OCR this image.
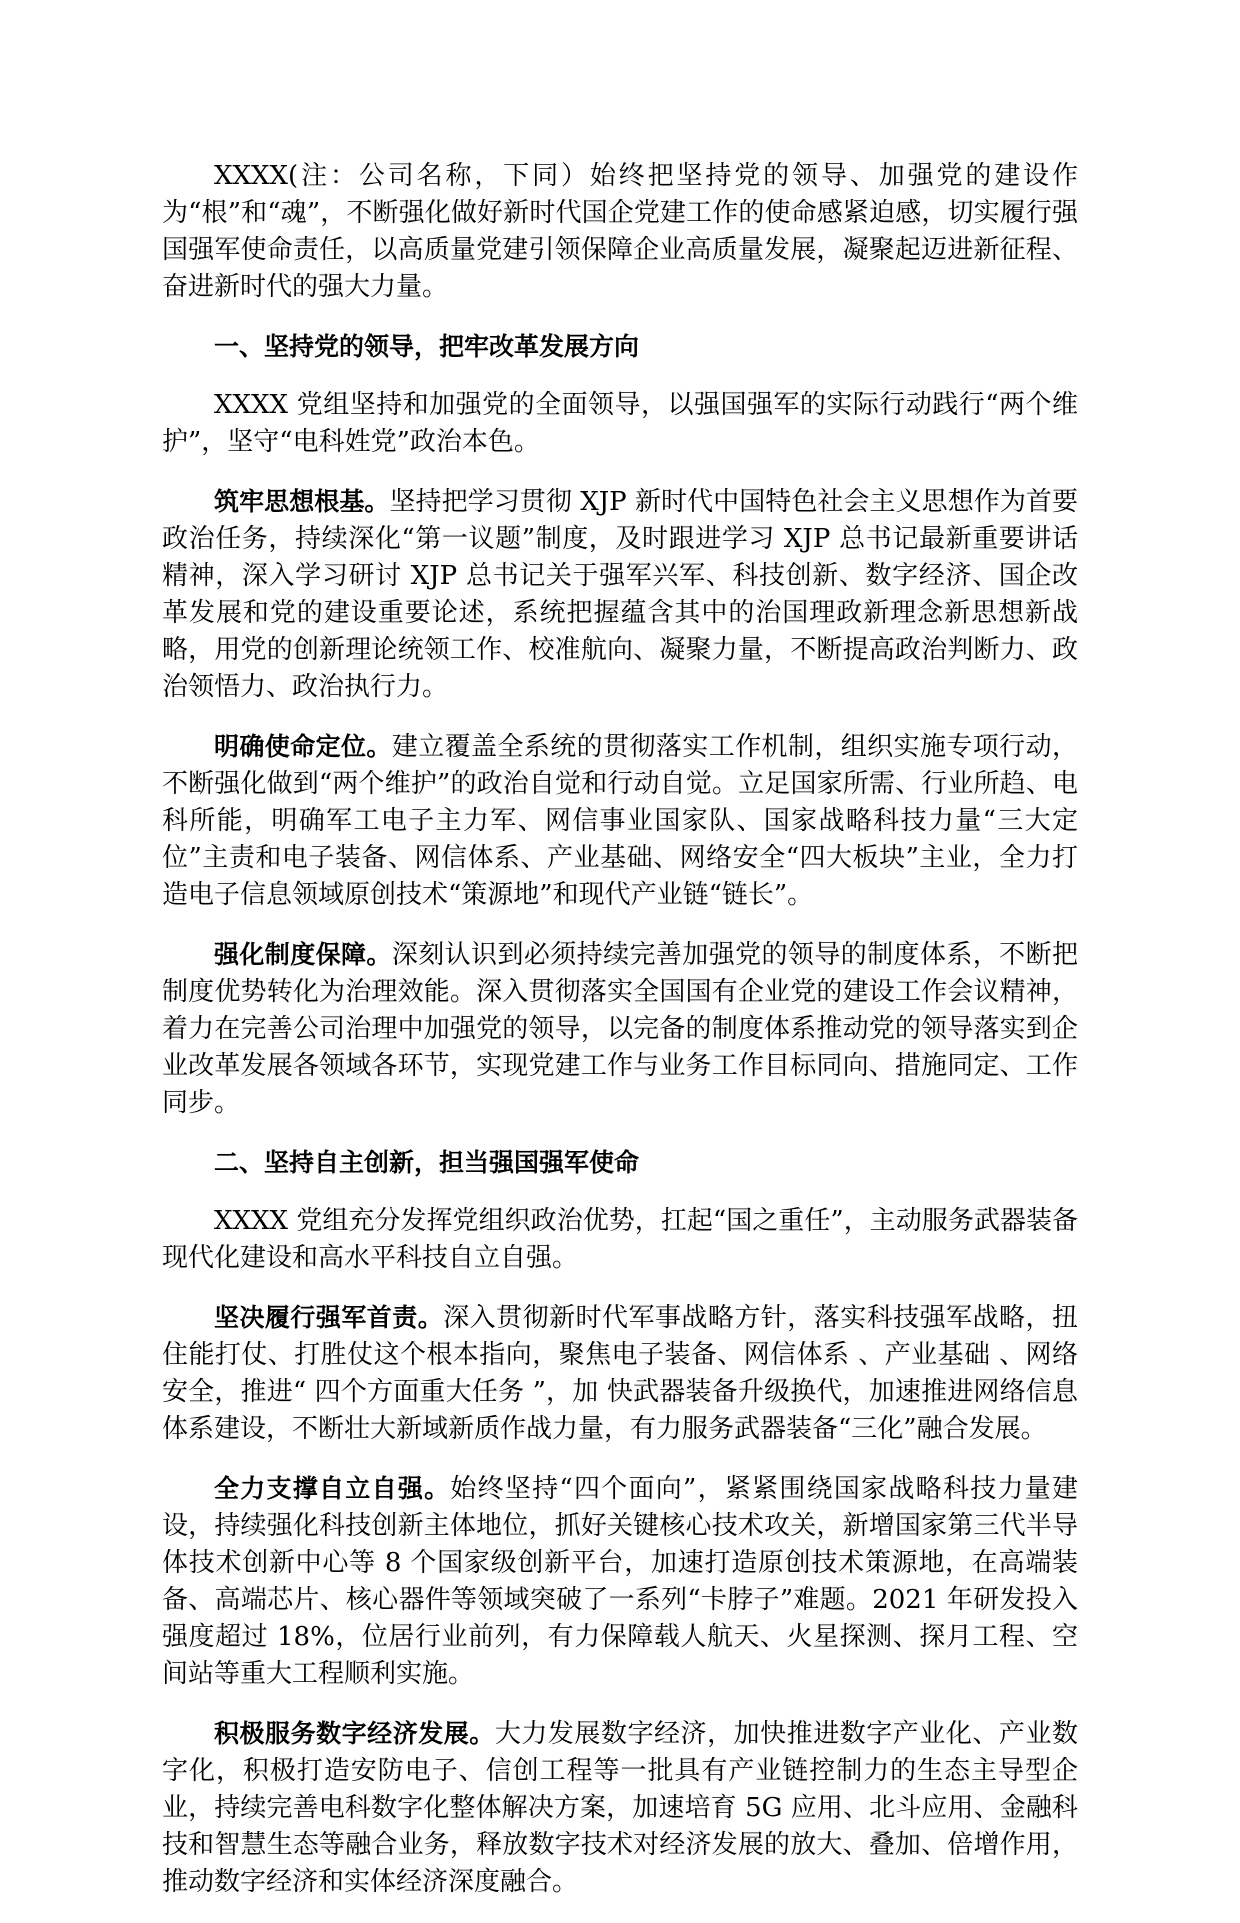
XXXX(注：公司名称，下同）始终把坚持党的领导、加强党的建设作为“根”和“魂”，不断强化做好新时代国企党建工作的使命感紧迫感，切实履行强国强军使命责任，以高质量党建引领保障企业高质量发展，凝聚起迈进新征程、奋进新时代的强大力量。

一、坚持党的领导，把牢改革发展方向

XXXX 党组坚持和加强党的全面领导，以强国强军的实际行动践行“两个维护”，坚守“电科姓党”政治本色。

筑牢思想根基。坚持把学习贯彻 XJP 新时代中国特色社会主义思想作为首要政治任务，持续深化“第一议题”制度，及时跟进学习 XJP 总书记最新重要讲话精神，深入学习研讨 XJP 总书记关于强军兴军、科技创新、数字经济、国企改革发展和党的建设重要论述，系统把握蕴含其中的治国理政新理念新思想新战略，用党的创新理论统领工作、校准航向、凝聚力量，不断提高政治判断力、政治领悟力、政治执行力。

明确使命定位。建立覆盖全系统的贯彻落实工作机制，组织实施专项行动，不断强化做到“两个维护”的政治自觉和行动自觉。立足国家所需、行业所趋、电科所能，明确军工电子主力军、网信事业国家队、国家战略科技力量“三大定位”主责和电子装备、网信体系、产业基础、网络安全“四大板块”主业，全力打造电子信息领域原创技术“策源地”和现代产业链“链长”。

强化制度保障。深刻认识到必须持续完善加强党的领导的制度体系，不断把制度优势转化为治理效能。深入贯彻落实全国国有企业党的建设工作会议精神，着力在完善公司治理中加强党的领导，以完备的制度体系推动党的领导落实到企业改革发展各领域各环节，实现党建工作与业务工作目标同向、措施同定、工作同步。

二、坚持自主创新，担当强国强军使命

XXXX 党组充分发挥党组织政治优势，扛起“国之重任”，主动服务武器装备现代化建设和高水平科技自立自强。

坚决履行强军首责。深入贯彻新时代军事战略方针，落实科技强军战略，扭住能打仗、打胜仗这个根本指向，聚焦电子装备、网信体系 、产业基础 、网络安全，推进“ 四个方面重大任务 ”，加 快武器装备升级换代，加速推进网络信息体系建设，不断壮大新域新质作战力量，有力服务武器装备“三化”融合发展。

全力支撑自立自强。始终坚持“四个面向”，紧紧围绕国家战略科技力量建设，持续强化科技创新主体地位，抓好关键核心技术攻关，新增国家第三代半导体技术创新中心等 8 个国家级创新平台，加速打造原创技术策源地，在高端装备、高端芯片、核心器件等领域突破了一系列“卡脖子”难题。2021 年研发投入强度超过 18%，位居行业前列，有力保障载人航天、火星探测、探月工程、空间站等重大工程顺利实施。

积极服务数字经济发展。大力发展数字经济，加快推进数字产业化、产业数字化，积极打造安防电子、信创工程等一批具有产业链控制力的生态主导型企业，持续完善电科数字化整体解决方案，加速培育 5G 应用、北斗应用、金融科技和智慧生态等融合业务，释放数字技术对经济发展的放大、叠加、倍增作用，推动数字经济和实体经济深度融合。
